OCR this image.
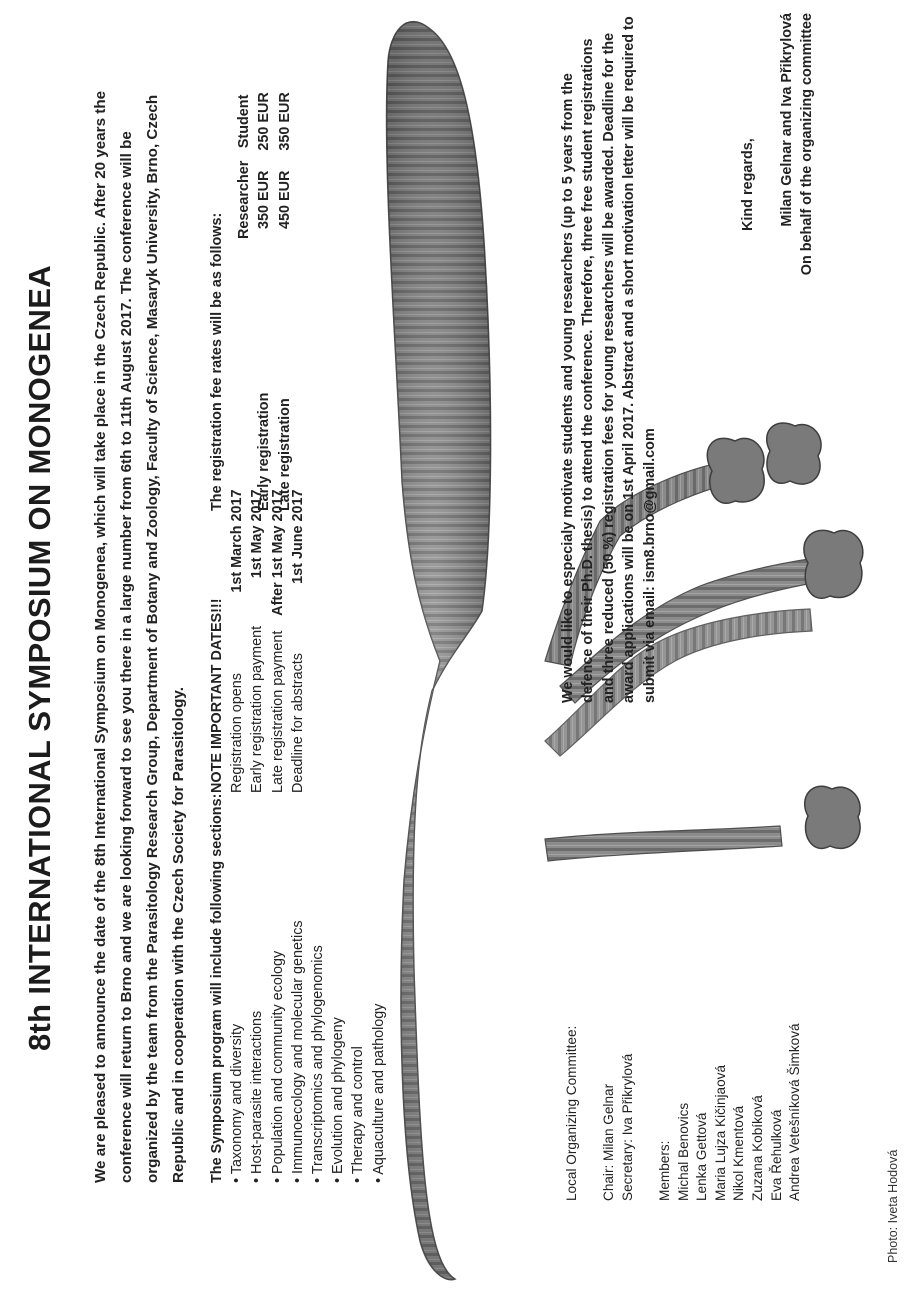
8th INTERNATIONAL SYMPOSIUM ON MONOGENEA We are pleased to announce the date of the 8th International Symposium on Monogenea, which will take place in the Czech Republic. After 20 years the conference will return to Brno and we are looking forward to see you there in a large number from 6th to 11th August 2017. The conference will be organized by the team from the Parasitology Research Group, Department of Botany and Zoology, Faculty of Science, Masaryk University, Brno, Czech Republic and in cooperation with the Czech Society for Parasitology.	The Symposium program will include following sections: • Taxonomy and diversity • Host-parasite interactions • Population and community ecology • Immunoecology and molecular genetics • Transcriptomics and phylogenomics • Evolution and phylogeny • Therapy and control • Aquaculture and pathology
NOTE IMPORTANT DATES!!! Registration opens	1st March 2017
Early registration payment	1st May 2017
Late registration payment	After 1st May 2017
Deadline for abstracts	1st June 2017
The registration fee rates will be as follows:
	Researcher	Student
Early registration	350 EUR	250 EUR
Late registration	450 EUR	350 EUR
Local Organizing Committee: Chair: Milan Gelnar Secretary: Iva Přikrylová Members: Michal Benovics Lenka Gettová Maria Lujza Kičinjaová Nikol Kmentová Zuzana Kobíková Eva Řehulková Andrea Vetešníková Šimková
We would like to especialy motivate students and young researchers (up to 5 years from the defence of their Ph.D. thesis) to attend the conference. Therefore, three free student registrations and three reduced (50 %) registration fees for young researchers will be awarded. Deadline for the award applications will be on 1st April 2017. Abstract and a short motivation letter will be required to submit via email: ism8.brno@gmail.com
Kind regards, Milan Gelnar and Iva Přikrylová On behalf of the organizing committee
Photo: Iveta Hodová
